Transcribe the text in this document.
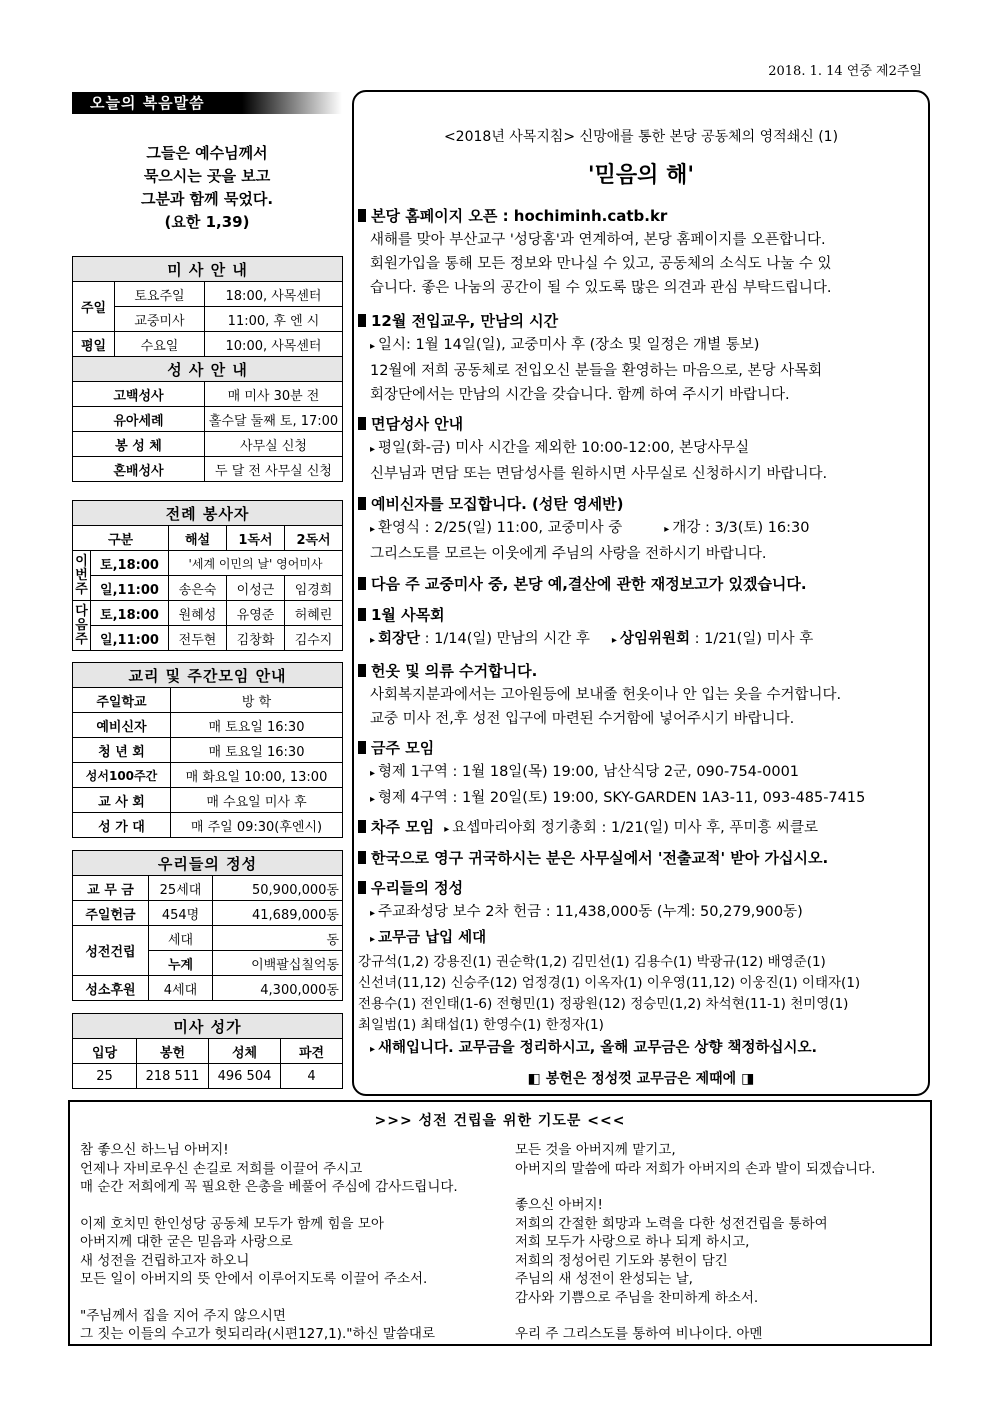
2018. 1. 14 연중 제2주일
오늘의 복음말씀
그들은 예수님께서
묵으시는 곳을 보고
그분과 함께 묵었다.
(요한 1,39)
미 사 안 내		
주일	토요주일	18:00, 사목센터
	교중미사	11:00, 후 엔 시
평일	수요일	10:00, 사목센터
성 사 안 내		
고백성사		매 미사 30분 전
유아세례		홀수달 둘째 토, 17:00
봉 성 체		사무실 신청
혼배성사		두 달 전 사무실 신청
전례 봉사자				
구분		해설	1독서	2독서
이번주	토,18:00	'세계 이민의 날' 영어미사		
	일,11:00	송은숙	이성근	임경희
다음주	토,18:00	원혜성	유영준	허혜린
	일,11:00	전두현	김창화	김수지
교리 및 주간모임 안내	
주일학교	방 학
예비신자	매 토요일 16:30
청 년 회	매 토요일 16:30
성서100주간	매 화요일 10:00, 13:00
교 사 회	매 수요일 미사 후
성 가 대	매 주일 09:30(후엔시)
우리들의 정성		
교 무 금	25세대	50,900,000동
주일헌금	454명	41,689,000동
성전건립	세대	동
	누계	이백팔십칠억동
성소후원	4세대	4,300,000동
미사 성가			
입당	봉헌	성체	파견
25	218 511	496 504	4
<2018년 사목지침> 신망애를 통한 본당 공동체의 영적쇄신 (1)
'믿음의 해'
본당 홈페이지 오픈 : hochiminh.catb.kr
새해를 맞아 부산교구 '성당홈'과 연계하여, 본당 홈페이지를 오픈합니다.
회원가입을 통해 모든 정보와 만나실 수 있고, 공동체의 소식도 나눌 수 있
습니다. 좋은 나눔의 공간이 될 수 있도록 많은 의견과 관심 부탁드립니다.
12월 전입교우, 만남의 시간
▸ 일시: 1월 14일(일), 교중미사 후 (장소 및 일정은 개별 통보)
12월에 저희 공동체로 전입오신 분들을 환영하는 마음으로, 본당 사목회
회장단에서는 만남의 시간을 갖습니다. 함께 하여 주시기 바랍니다.
면담성사 안내
▸ 평일(화-금) 미사 시간을 제외한 10:00-12:00, 본당사무실
신부님과 면담 또는 면담성사를 원하시면 사무실로 신청하시기 바랍니다.
예비신자를 모집합니다. (성탄 영세반)
▸ 환영식 : 2/25(일) 11:00, 교중미사 중	▸ 개강 : 3/3(토) 16:30
그리스도를 모르는 이웃에게 주님의 사랑을 전하시기 바랍니다.
다음 주 교중미사 중, 본당 예,결산에 관한 재정보고가 있겠습니다.
1월 사목회
▸ 회장단 : 1/14(일) 만남의 시간 후 ▸ 상임위원회 : 1/21(일) 미사 후
헌옷 및 의류 수거합니다.
사회복지분과에서는 고아원등에 보내줄 헌옷이나 안 입는 옷을 수거합니다.
교중 미사 전,후 성전 입구에 마련된 수거함에 넣어주시기 바랍니다.
금주 모임
▸ 형제 1구역 : 1월 18일(목) 19:00, 남산식당 2군, 090-754-0001
▸ 형제 4구역 : 1월 20일(토) 19:00, SKY-GARDEN 1A3-11, 093-485-7415
차주 모임 ▸ 요셉마리아회 정기총회 : 1/21(일) 미사 후, 푸미흥 씨클로
한국으로 영구 귀국하시는 분은 사무실에서 '전출교적' 받아 가십시오.
우리들의 정성
▸ 주교좌성당 보수 2차 헌금 : 11,438,000동 (누계: 50,279,900동)
▸ 교무금 납입 세대
강규석(1,2) 강용진(1) 권순학(1,2) 김민선(1) 김용수(1) 박광규(12) 배영준(1)
신선녀(11,12) 신승주(12) 엄정경(1) 이옥자(1) 이우영(11,12) 이웅진(1) 이태자(1)
전용수(1) 전인태(1-6) 전형민(1) 정광원(12) 정승민(1,2) 차석현(11-1) 천미영(1)
최일범(1) 최태섭(1) 한영수(1) 한정자(1)
▸ 새해입니다. 교무금을 정리하시고, 올해 교무금은 상향 책정하십시오.
◧ 봉헌은 정성껏 교무금은 제때에 ◨
>>> 성전 건립을 위한 기도문 <<<
참 좋으신 하느님 아버지!
언제나 자비로우신 손길로 저희를 이끌어 주시고
매 순간 저희에게 꼭 필요한 은총을 베풀어 주심에 감사드립니다.
이제 호치민 한인성당 공동체 모두가 함께 힘을 모아
아버지께 대한 굳은 믿음과 사랑으로
새 성전을 건립하고자 하오니
모든 일이 아버지의 뜻 안에서 이루어지도록 이끌어 주소서.
"주님께서 집을 지어 주지 않으시면
그 짓는 이들의 수고가 헛되리라(시편127,1)."하신 말씀대로
모든 것을 아버지께 맡기고,
아버지의 말씀에 따라 저희가 아버지의 손과 발이 되겠습니다.
좋으신 아버지!
저희의 간절한 희망과 노력을 다한 성전건립을 통하여
저희 모두가 사랑으로 하나 되게 하시고,
저희의 정성어린 기도와 봉헌이 담긴
주님의 새 성전이 완성되는 날,
감사와 기쁨으로 주님을 찬미하게 하소서.
우리 주 그리스도를 통하여 비나이다. 아멘
